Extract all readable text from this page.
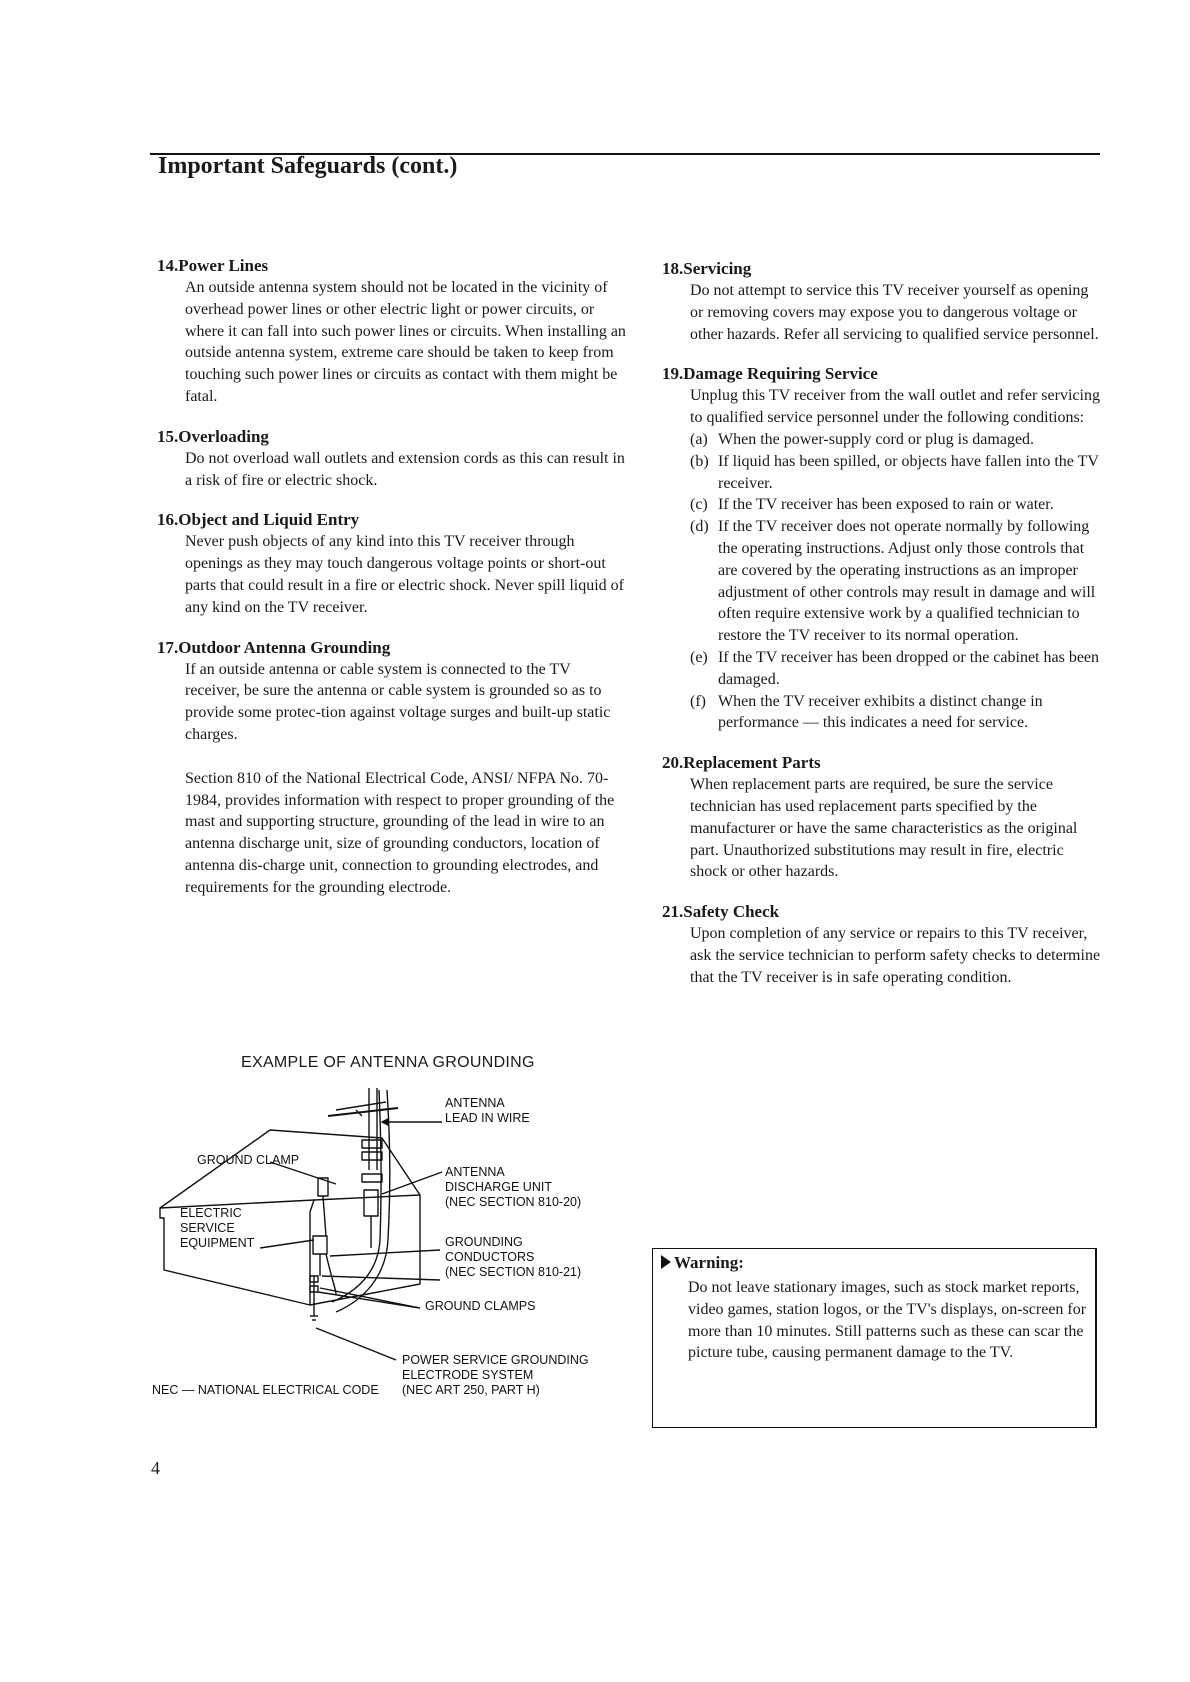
Important Safeguards (cont.)
14.Power Lines

An outside antenna system should not be located in the vicinity of overhead power lines or other electric light or power circuits, or where it can fall into such power lines or circuits. When installing an outside antenna system, extreme care should be taken to keep from touching such power lines or circuits as contact with them might be fatal.

15.Overloading

Do not overload wall outlets and extension cords as this can result in a risk of fire or electric shock.

16.Object and Liquid Entry

Never push objects of any kind into this TV receiver through openings as they may touch dangerous voltage points or short-out parts that could result in a fire or electric shock. Never spill liquid of any kind on the TV receiver.

17.Outdoor Antenna Grounding

If an outside antenna or cable system is connected to the TV receiver, be sure the antenna or cable system is grounded so as to provide some protec-tion against voltage surges and built-up static charges.

Section 810 of the National Electrical Code, ANSI/ NFPA No. 70-1984, provides information with respect to proper grounding of the mast and supporting structure, grounding of the lead in wire to an antenna discharge unit, size of grounding conductors, location of antenna dis-charge unit, connection to grounding electrodes, and requirements for the grounding electrode.

EXAMPLE OF ANTENNA GROUNDING
ANTENNA
LEAD IN WIRE
GROUND CLAMP
ANTENNA
DISCHARGE UNIT
(NEC SECTION 810-20)
ELECTRIC
SERVICE
EQUIPMENT	GROUNDING
CONDUCTORS
(NEC SECTION 810-21)
GROUND CLAMPS
POWER SERVICE GROUNDING
ELECTRODE SYSTEM
(NEC ART 250, PART H)
NEC — NATIONAL ELECTRICAL CODE
18.Servicing

Do not attempt to service this TV receiver yourself as opening or removing covers may expose you to dangerous voltage or other hazards. Refer all servicing to qualified service personnel.

19.Damage Requiring Service

Unplug this TV receiver from the wall outlet and refer servicing to qualified service personnel under the following conditions:

(a) When the power-supply cord or plug is damaged.
(b) If liquid has been spilled, or objects have fallen into the TV receiver.
(c) If the TV receiver has been exposed to rain or water.
(d) If the TV receiver does not operate normally by following the operating instructions. Adjust only those controls that are covered by the operating instructions as an improper adjustment of other controls may result in damage and will often require extensive work by a qualified technician to restore the TV receiver to its normal operation.
(e) If the TV receiver has been dropped or the cabinet has been damaged.
(f) When the TV receiver exhibits a distinct change in performance — this indicates a need for service.
20.Replacement Parts

When replacement parts are required, be sure the service technician has used replacement parts specified by the manufacturer or have the same characteristics as the original part. Unauthorized substitutions may result in fire, electric shock or other hazards.

21.Safety Check

Upon completion of any service or repairs to this TV receiver, ask the service technician to perform safety checks to determine that the TV receiver is in safe operating condition.

Warning:
Do not leave stationary images, such as stock market reports, video games, station logos, or the TV's displays, on-screen for more than 10 minutes. Still patterns such as these can scar the picture tube, causing permanent damage to the TV.
4
